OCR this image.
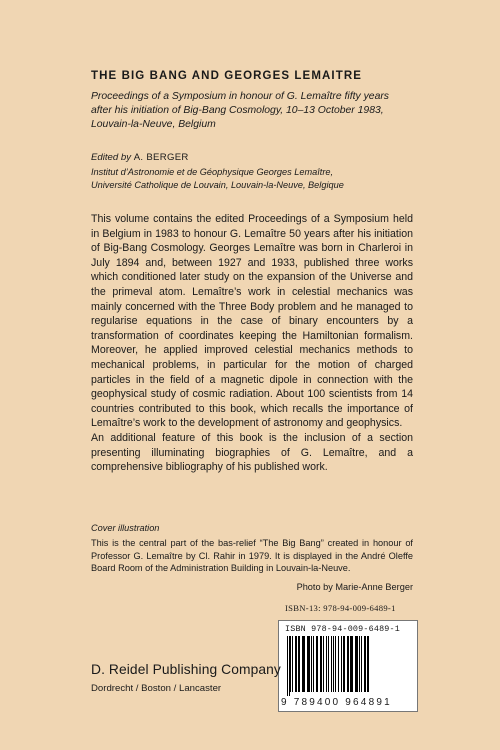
THE BIG BANG AND GEORGES LEMAITRE
Proceedings of a Symposium in honour of G. Lemaître fifty years
after his initiation of Big-Bang Cosmology, 10–13 October 1983,
Louvain-la-Neuve, Belgium
Edited by A. BERGER
Institut d’Astronomie et de Géophysique Georges Lemaître,
Université Catholique de Louvain, Louvain-la-Neuve, Belgique

This volume contains the edited Proceedings of a Symposium held in Belgium in 1983 to honour G. Lemaître 50 years after his initiation of Big-Bang Cosmology. Georges Lemaître was born in Charleroi in July 1894 and, between 1927 and 1933, published three works which conditioned later study on the expansion of the Universe and the primeval atom. Lemaître’s work in celestial mechanics was mainly concerned with the Three Body problem and he managed to regularise equations in the case of binary encounters by a transformation of coordinates keeping the Hamiltonian formalism. Moreover, he applied improved celestial mechanics methods to mechanical problems, in particular for the motion of charged particles in the field of a magnetic dipole in connection with the geophysical study of cosmic radiation. About 100 scientists from 14 countries contributed to this book, which recalls the importance of Lemaître’s work to the development of astronomy and geophysics.

An additional feature of this book is the inclusion of a section presenting illuminating biographies of G. Lemaître, and a comprehensive bibliography of his published work.

Cover illustration
This is the central part of the bas-relief “The Big Bang” created in honour of Professor G. Lemaître by Cl. Rahir in 1979. It is displayed in the André Oleffe Board Room of the Administration Building in Louvain-la-Neuve.
Photo by Marie-Anne Berger
ISBN-13: 978-94-009-6489-1
ISBN 978-94-009-6489-1
9 789400 964891
D. Reidel Publishing Company
Dordrecht / Boston / Lancaster
